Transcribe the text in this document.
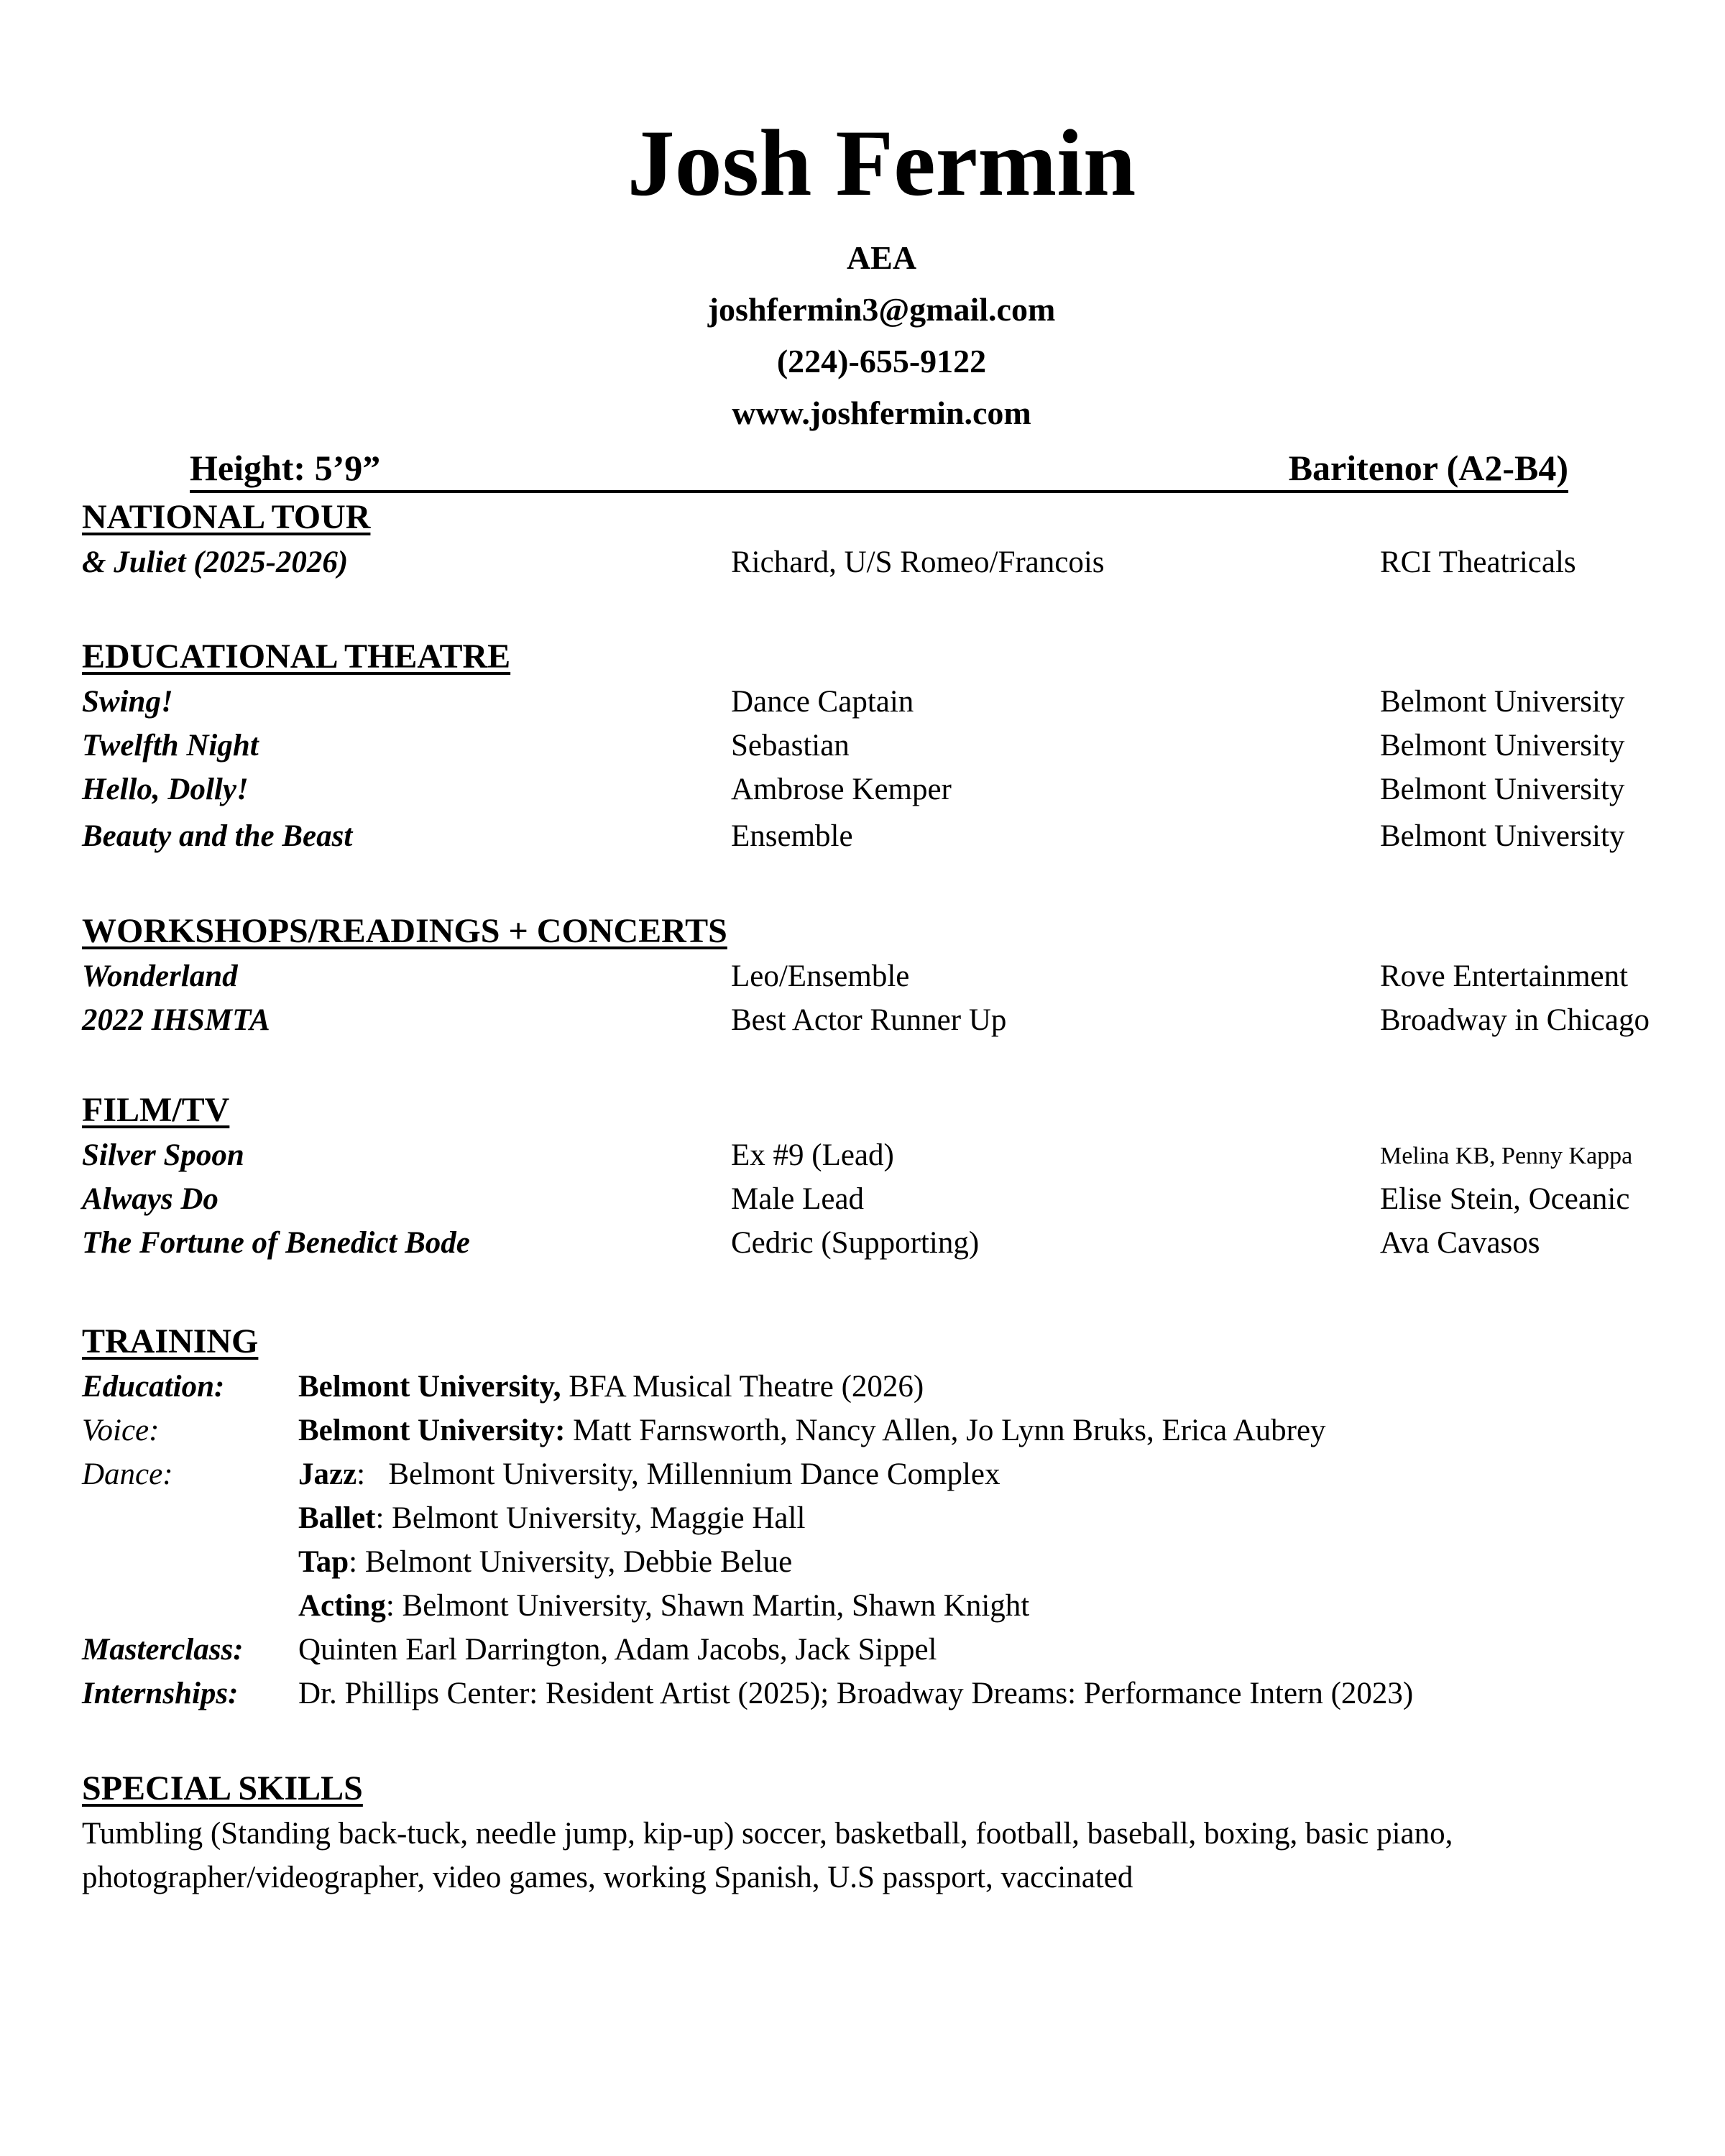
Josh Fermin
AEA
joshfermin3@gmail.com
(224)-655-9122
www.joshfermin.com
Height: 5’9”	Baritenor (A2-B4)
NATIONAL TOUR
& Juliet (2025-2026)	Richard, U/S Romeo/Francois	RCI Theatricals
EDUCATIONAL THEATRE
Swing!	Dance Captain	Belmont University
Twelfth Night	Sebastian	Belmont University
Hello, Dolly!	Ambrose Kemper	Belmont University
Beauty and the Beast	Ensemble	Belmont University
WORKSHOPS/READINGS + CONCERTS
Wonderland	Leo/Ensemble	Rove Entertainment
2022 IHSMTA	Best Actor Runner Up	Broadway in Chicago
FILM/TV
Silver Spoon	Ex #9 (Lead)	Melina KB, Penny Kappa
Always Do	Male Lead	Elise Stein, Oceanic
The Fortune of Benedict Bode	Cedric (Supporting)	Ava Cavasos
TRAINING
Education: Belmont University, BFA Musical Theatre (2026)
Voice:	Belmont University: Matt Farnsworth, Nancy Allen, Jo Lynn Bruks, Erica Aubrey
Dance:	Jazz:   Belmont University, Millennium Dance Complex
Ballet: Belmont University, Maggie Hall
Tap: Belmont University, Debbie Belue
Acting: Belmont University, Shawn Martin, Shawn Knight
Masterclass: Quinten Earl Darrington, Adam Jacobs, Jack Sippel
Internships: Dr. Phillips Center: Resident Artist (2025); Broadway Dreams: Performance Intern (2023)
SPECIAL SKILLS
Tumbling (Standing back-tuck, needle jump, kip-up) soccer, basketball, football, baseball, boxing, basic piano,
photographer/videographer, video games, working Spanish, U.S passport, vaccinated
